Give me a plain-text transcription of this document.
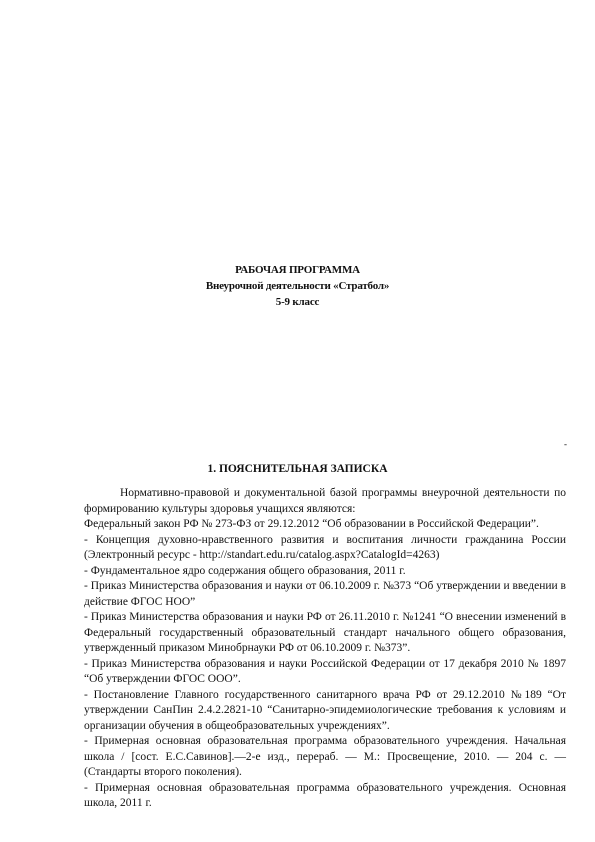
РАБОЧАЯ ПРОГРАММА
Внеурочной деятельности «Стратбол»
5-9 класс
-
1. ПОЯСНИТЕЛЬНАЯ ЗАПИСКА

Нормативно-правовой и документальной базой программы внеурочной деятельности по формированию культуры здоровья учащихся являются:

Федеральный закон РФ № 273-ФЗ от 29.12.2012 “Об образовании в Российской Федерации”.

- Концепция духовно-нравственного развития и воспитания личности гражданина России (Электронный ресурс - http://standart.edu.ru/catalog.aspx?CatalogId=4263)

- Фундаментальное ядро содержания общего образования, 2011 г.

- Приказ Министерства образования и науки от 06.10.2009 г. №373 “Об утверждении и введении в действие ФГОС НОО”

- Приказ Министерства образования и науки РФ от 26.11.2010 г. №1241 “О внесении изменений в Федеральный государственный образовательный стандарт начального общего образования, утвержденный приказом Минобрнауки РФ от 06.10.2009 г. №373”.

- Приказ Министерства образования и науки Российской Федерации от 17 декабря 2010 № 1897 “Об утверждении ФГОС ООО”.

- Постановление Главного государственного санитарного врача РФ от 29.12.2010 №189 “От утверждении СанПин 2.4.2.2821-10 “Санитарно-эпидемиологические требования к условиям и организации обучения в общеобразовательных учреждениях”.

- Примерная основная образовательная программа образовательного учреждения. Начальная школа / [сост. Е.С.Савинов].—2-е изд., перераб. — М.: Просвещение, 2010. — 204 с. — (Стандарты второго поколения).

- Примерная основная образовательная программа образовательного учреждения. Основная школа, 2011 г.
